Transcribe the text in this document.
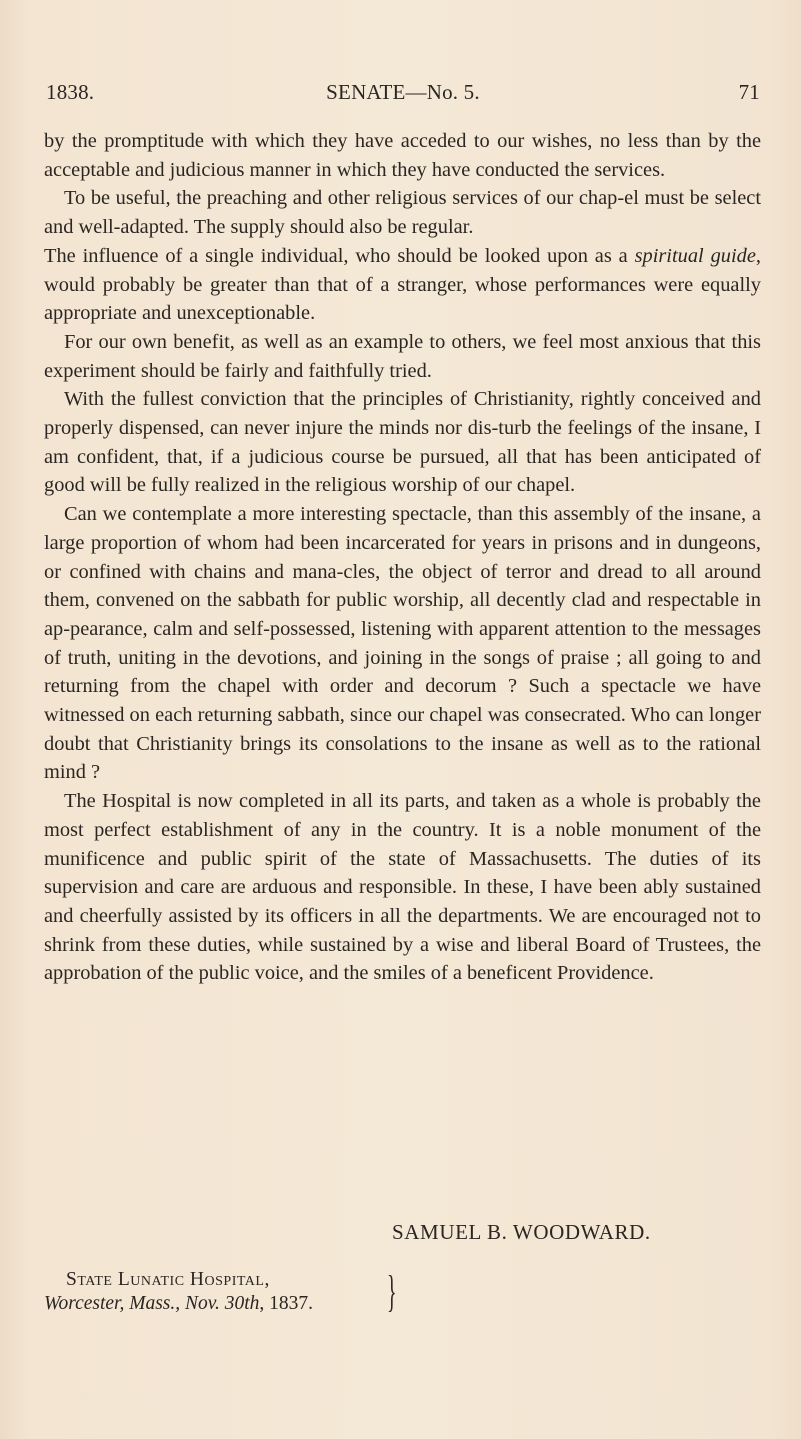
1838.	SENATE—No. 5.	71

by the promptitude with which they have acceded to our wishes, no less than by the acceptable and judicious manner in which they have conducted the services.

To be useful, the preaching and other religious services of our chap-el must be select and well-adapted. The supply should also be regular.

The influence of a single individual, who should be looked upon as a spiritual guide, would probably be greater than that of a stranger, whose performances were equally appropriate and unexceptionable.

For our own benefit, as well as an example to others, we feel most anxious that this experiment should be fairly and faithfully tried.

With the fullest conviction that the principles of Christianity, rightly conceived and properly dispensed, can never injure the minds nor dis-turb the feelings of the insane, I am confident, that, if a judicious course be pursued, all that has been anticipated of good will be fully realized in the religious worship of our chapel.

Can we contemplate a more interesting spectacle, than this assembly of the insane, a large proportion of whom had been incarcerated for years in prisons and in dungeons, or confined with chains and mana-cles, the object of terror and dread to all around them, convened on the sabbath for public worship, all decently clad and respectable in ap-pearance, calm and self-possessed, listening with apparent attention to the messages of truth, uniting in the devotions, and joining in the songs of praise ; all going to and returning from the chapel with order and decorum ? Such a spectacle we have witnessed on each returning sabbath, since our chapel was consecrated. Who can longer doubt that Christianity brings its consolations to the insane as well as to the rational mind ?

The Hospital is now completed in all its parts, and taken as a whole is probably the most perfect establishment of any in the country. It is a noble monument of the munificence and public spirit of the state of Massachusetts. The duties of its supervision and care are arduous and responsible. In these, I have been ably sustained and cheerfully assisted by its officers in all the departments. We are encouraged not to shrink from these duties, while sustained by a wise and liberal Board of Trustees, the approbation of the public voice, and the smiles of a beneficent Providence.

SAMUEL B. WOODWARD.
State Lunatic Hospital,
Worcester, Mass., Nov. 30th, 1837. }
